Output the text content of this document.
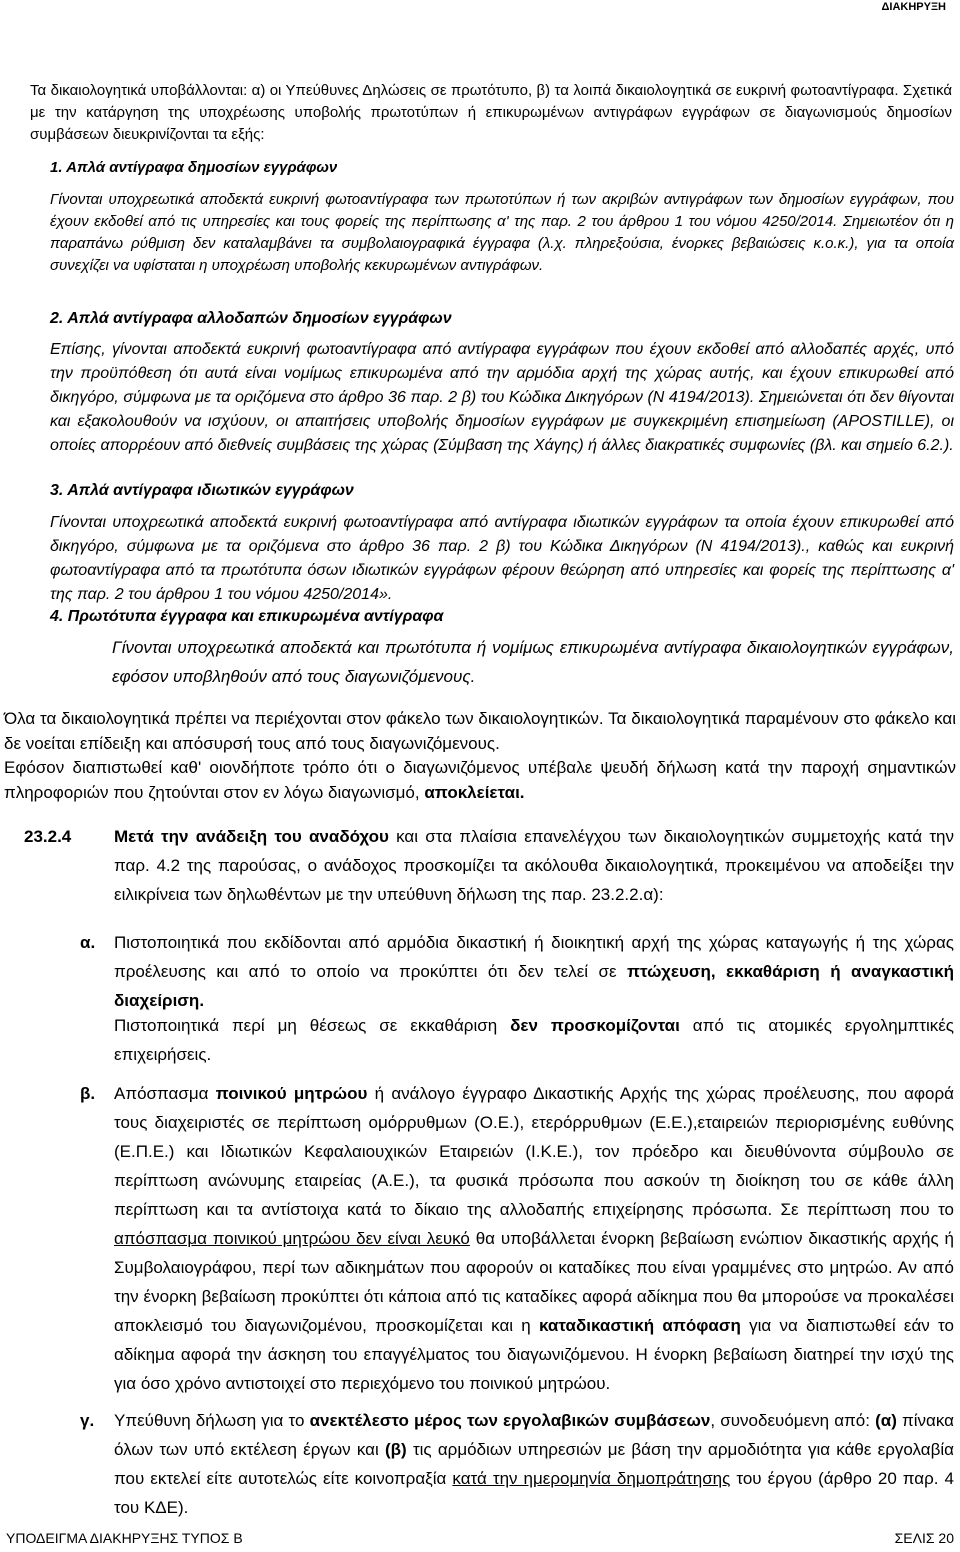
ΔΙΑΚΗΡΥΞΗ

Τα δικαιολογητικά υποβάλλονται: α) οι Υπεύθυνες Δηλώσεις σε πρωτότυπο, β) τα λοιπά δικαιολογητικά σε ευκρινή φωτοαντίγραφα. Σχετικά με την κατάργηση της υποχρέωσης υποβολής πρωτοτύπων ή επικυρωμένων αντιγράφων εγγράφων σε διαγωνισμούς δημοσίων συμβάσεων διευκρινίζονται τα εξής:

1. Απλά αντίγραφα δημοσίων εγγράφων

Γίνονται υποχρεωτικά αποδεκτά ευκρινή φωτοαντίγραφα των πρωτοτύπων ή των ακριβών αντιγράφων των δημοσίων εγγράφων, που έχουν εκδοθεί από τις υπηρεσίες και τους φορείς της περίπτωσης α' της παρ. 2 του άρθρου 1 του νόμου 4250/2014. Σημειωτέον ότι η παραπάνω ρύθμιση δεν καταλαμβάνει τα συμβολαιογραφικά έγγραφα (λ.χ. πληρεξούσια, ένορκες βεβαιώσεις κ.ο.κ.), για τα οποία συνεχίζει να υφίσταται η υποχρέωση υποβολής κεκυρωμένων αντιγράφων.

2. Απλά αντίγραφα αλλοδαπών δημοσίων εγγράφων

Επίσης, γίνονται αποδεκτά ευκρινή φωτοαντίγραφα από αντίγραφα εγγράφων που έχουν εκδοθεί από αλλοδαπές αρχές, υπό την προϋπόθεση ότι αυτά είναι νομίμως επικυρωμένα από την αρμόδια αρχή της χώρας αυτής, και έχουν επικυρωθεί από δικηγόρο, σύμφωνα με τα οριζόμενα στο άρθρο 36 παρ. 2 β) του Κώδικα Δικηγόρων (Ν 4194/2013). Σημειώνεται ότι δεν θίγονται και εξακολουθούν να ισχύουν, οι απαιτήσεις υποβολής δημοσίων εγγράφων με συγκεκριμένη επισημείωση (APOSTILLE), οι οποίες απορρέουν από διεθνείς συμβάσεις της χώρας (Σύμβαση της Χάγης) ή άλλες διακρατικές συμφωνίες (βλ. και σημείο 6.2.).

3. Απλά αντίγραφα ιδιωτικών εγγράφων

Γίνονται υποχρεωτικά αποδεκτά ευκρινή φωτοαντίγραφα από αντίγραφα ιδιωτικών εγγράφων τα οποία έχουν επικυρωθεί από δικηγόρο, σύμφωνα με τα οριζόμενα στο άρθρο 36 παρ. 2 β) του Κώδικα Δικηγόρων (Ν 4194/2013)., καθώς και ευκρινή φωτοαντίγραφα από τα πρωτότυπα όσων ιδιωτικών εγγράφων φέρουν θεώρηση από υπηρεσίες και φορείς της περίπτωσης α' της παρ. 2 του άρθρου 1 του νόμου 4250/2014».

4. Πρωτότυπα έγγραφα και επικυρωμένα αντίγραφα

Γίνονται υποχρεωτικά αποδεκτά και πρωτότυπα ή νομίμως επικυρωμένα αντίγραφα δικαιολογητικών εγγράφων, εφόσον υποβληθούν από τους διαγωνιζόμενους.

Όλα τα δικαιολογητικά πρέπει να περιέχονται στον φάκελο των δικαιολογητικών. Τα δικαιολογητικά παραμένουν στο φάκελο και δε νοείται επίδειξη και απόσυρσή τους από τους διαγωνιζόμενους.

Εφόσον διαπιστωθεί καθ' οιονδήποτε τρόπο ότι ο διαγωνιζόμενος υπέβαλε ψευδή δήλωση κατά την παροχή σημαντικών πληροφοριών που ζητούνται στον εν λόγω διαγωνισμό, αποκλείεται.

23.2.4	Μετά την ανάδειξη του αναδόχου και στα πλαίσια επανελέγχου των δικαιολογητικών συμμετοχής κατά την παρ. 4.2 της παρούσας, ο ανάδοχος προσκομίζει τα ακόλουθα δικαιολογητικά, προκειμένου να αποδείξει την ειλικρίνεια των δηλωθέντων με την υπεύθυνη δήλωση της παρ. 23.2.2.α):

α.	Πιστοποιητικά που εκδίδονται από αρμόδια δικαστική ή διοικητική αρχή της χώρας καταγωγής ή της χώρας προέλευσης και από το οποίο να προκύπτει ότι δεν τελεί σε πτώχευση, εκκαθάριση ή αναγκαστική διαχείριση.

Πιστοποιητικά περί μη θέσεως σε εκκαθάριση δεν προσκομίζονται από τις ατομικές εργολημπτικές επιχειρήσεις.

β.	Απόσπασμα ποινικού μητρώου ή ανάλογο έγγραφο Δικαστικής Αρχής της χώρας προέλευσης, που αφορά τους διαχειριστές σε περίπτωση ομόρρυθμων (Ο.Ε.), ετερόρρυθμων (Ε.Ε.),εταιρειών περιορισμένης ευθύνης (Ε.Π.Ε.) και Ιδιωτικών Κεφαλαιουχικών Εταιρειών (Ι.Κ.Ε.), τον πρόεδρο και διευθύνοντα σύμβουλο σε περίπτωση ανώνυμης εταιρείας (Α.Ε.), τα φυσικά πρόσωπα που ασκούν τη διοίκηση του σε κάθε άλλη περίπτωση και τα αντίστοιχα κατά το δίκαιο της αλλοδαπής επιχείρησης πρόσωπα. Σε περίπτωση που το απόσπασμα ποινικού μητρώου δεν είναι λευκό θα υποβάλλεται ένορκη βεβαίωση ενώπιον δικαστικής αρχής ή Συμβολαιογράφου, περί των αδικημάτων που αφορούν οι καταδίκες που είναι γραμμένες στο μητρώο. Αν από την ένορκη βεβαίωση προκύπτει ότι κάποια από τις καταδίκες αφορά αδίκημα που θα μπορούσε να προκαλέσει αποκλεισμό του διαγωνιζομένου, προσκομίζεται και η καταδικαστική απόφαση για να διαπιστωθεί εάν το αδίκημα αφορά την άσκηση του επαγγέλματος του διαγωνιζόμενου. Η ένορκη βεβαίωση διατηρεί την ισχύ της για όσο χρόνο αντιστοιχεί στο περιεχόμενο του ποινικού μητρώου.

γ.	Υπεύθυνη δήλωση για το ανεκτέλεστο μέρος των εργολαβικών συμβάσεων, συνοδευόμενη από: (α) πίνακα όλων των υπό εκτέλεση έργων και (β) τις αρμόδιων υπηρεσιών με βάση την αρμοδιότητα για κάθε εργολαβία που εκτελεί είτε αυτοτελώς είτε κοινοπραξία κατά την ημερομηνία δημοπράτησης του έργου (άρθρο 20 παρ. 4 του ΚΔΕ).

ΥΠΟΔΕΙΓΜΑ ΔΙΑΚΗΡΥΞΗΣ ΤΥΠΟΣ Β	ΣΕΛΙΣ 20
